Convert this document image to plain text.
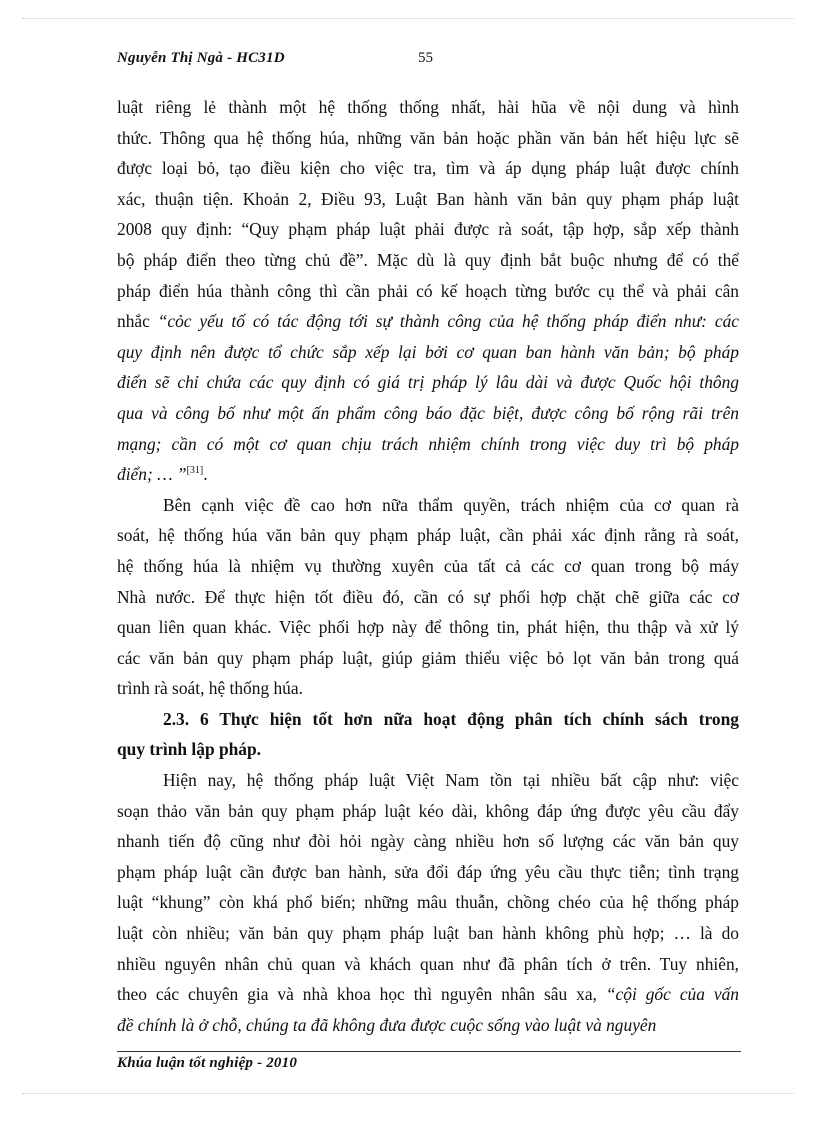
Nguyễn Thị Ngà - HC31D	55
luật riêng lẻ thành một hệ thống thống nhất, hài hũa về nội dung và hình
thức. Thông qua hệ thống húa, những văn bản hoặc phần văn bản hết hiệu lực sẽ
được loại bỏ, tạo điều kiện cho việc tra, tìm và áp dụng pháp luật được chính
xác, thuận tiện. Khoản 2, Điều 93, Luật Ban hành văn bản quy phạm pháp luật
2008 quy định: “Quy phạm pháp luật phải được rà soát, tập hợp, sắp xếp thành
bộ pháp điển theo từng chủ đề”. Mặc dù là quy định bắt buộc nhưng để có thể
pháp điển húa thành công thì cần phải có kế hoạch từng bước cụ thể và phải cân
nhắc “cỏc yếu tố có tác động tới sự thành công của hệ thống pháp điển như: các
quy định nên được tổ chức sắp xếp lại bởi cơ quan ban hành văn bản; bộ pháp
điển sẽ chỉ chứa các quy định có giá trị pháp lý lâu dài và được Quốc hội thông
qua và công bố như một ấn phẩm công báo đặc biệt, được công bố rộng rãi trên
mạng; cần có một cơ quan chịu trách nhiệm chính trong việc duy trì bộ pháp
điển; … ”[31].
Bên cạnh việc đề cao hơn nữa thẩm quyền, trách nhiệm của cơ quan rà
soát, hệ thống húa văn bản quy phạm pháp luật, cần phải xác định rằng rà soát,
hệ thống húa là nhiệm vụ thường xuyên của tất cả các cơ quan trong bộ máy
Nhà nước. Để thực hiện tốt điều đó, cần có sự phối hợp chặt chẽ giữa các cơ
quan liên quan khác. Việc phối hợp này để thông tin, phát hiện, thu thập và xử lý
các văn bản quy phạm pháp luật, giúp giảm thiểu việc bỏ lọt văn bản trong quá
trình rà soát, hệ thống húa.
2.3. 6 Thực hiện tốt hơn nữa hoạt động phân tích chính sách trong
quy trình lập pháp.
Hiện nay, hệ thống pháp luật Việt Nam tồn tại nhiều bất cập như: việc
soạn thảo văn bản quy phạm pháp luật kéo dài, không đáp ứng được yêu cầu đẩy
nhanh tiến độ cũng như đòi hỏi ngày càng nhiều hơn số lượng các văn bản quy
phạm pháp luật cần được ban hành, sửa đổi đáp ứng yêu cầu thực tiễn; tình trạng
luật “khung” còn khá phổ biến; những mâu thuẫn, chồng chéo của hệ thống pháp
luật còn nhiều; văn bản quy phạm pháp luật ban hành không phù hợp; … là do
nhiều nguyên nhân chủ quan và khách quan như đã phân tích ở trên. Tuy nhiên,
theo các chuyên gia và nhà khoa học thì nguyên nhân sâu xa, “cội gốc của vấn
đề chính là ở chỗ, chúng ta đã không đưa được cuộc sống vào luật và nguyên
Khúa luận tốt nghiệp - 2010
